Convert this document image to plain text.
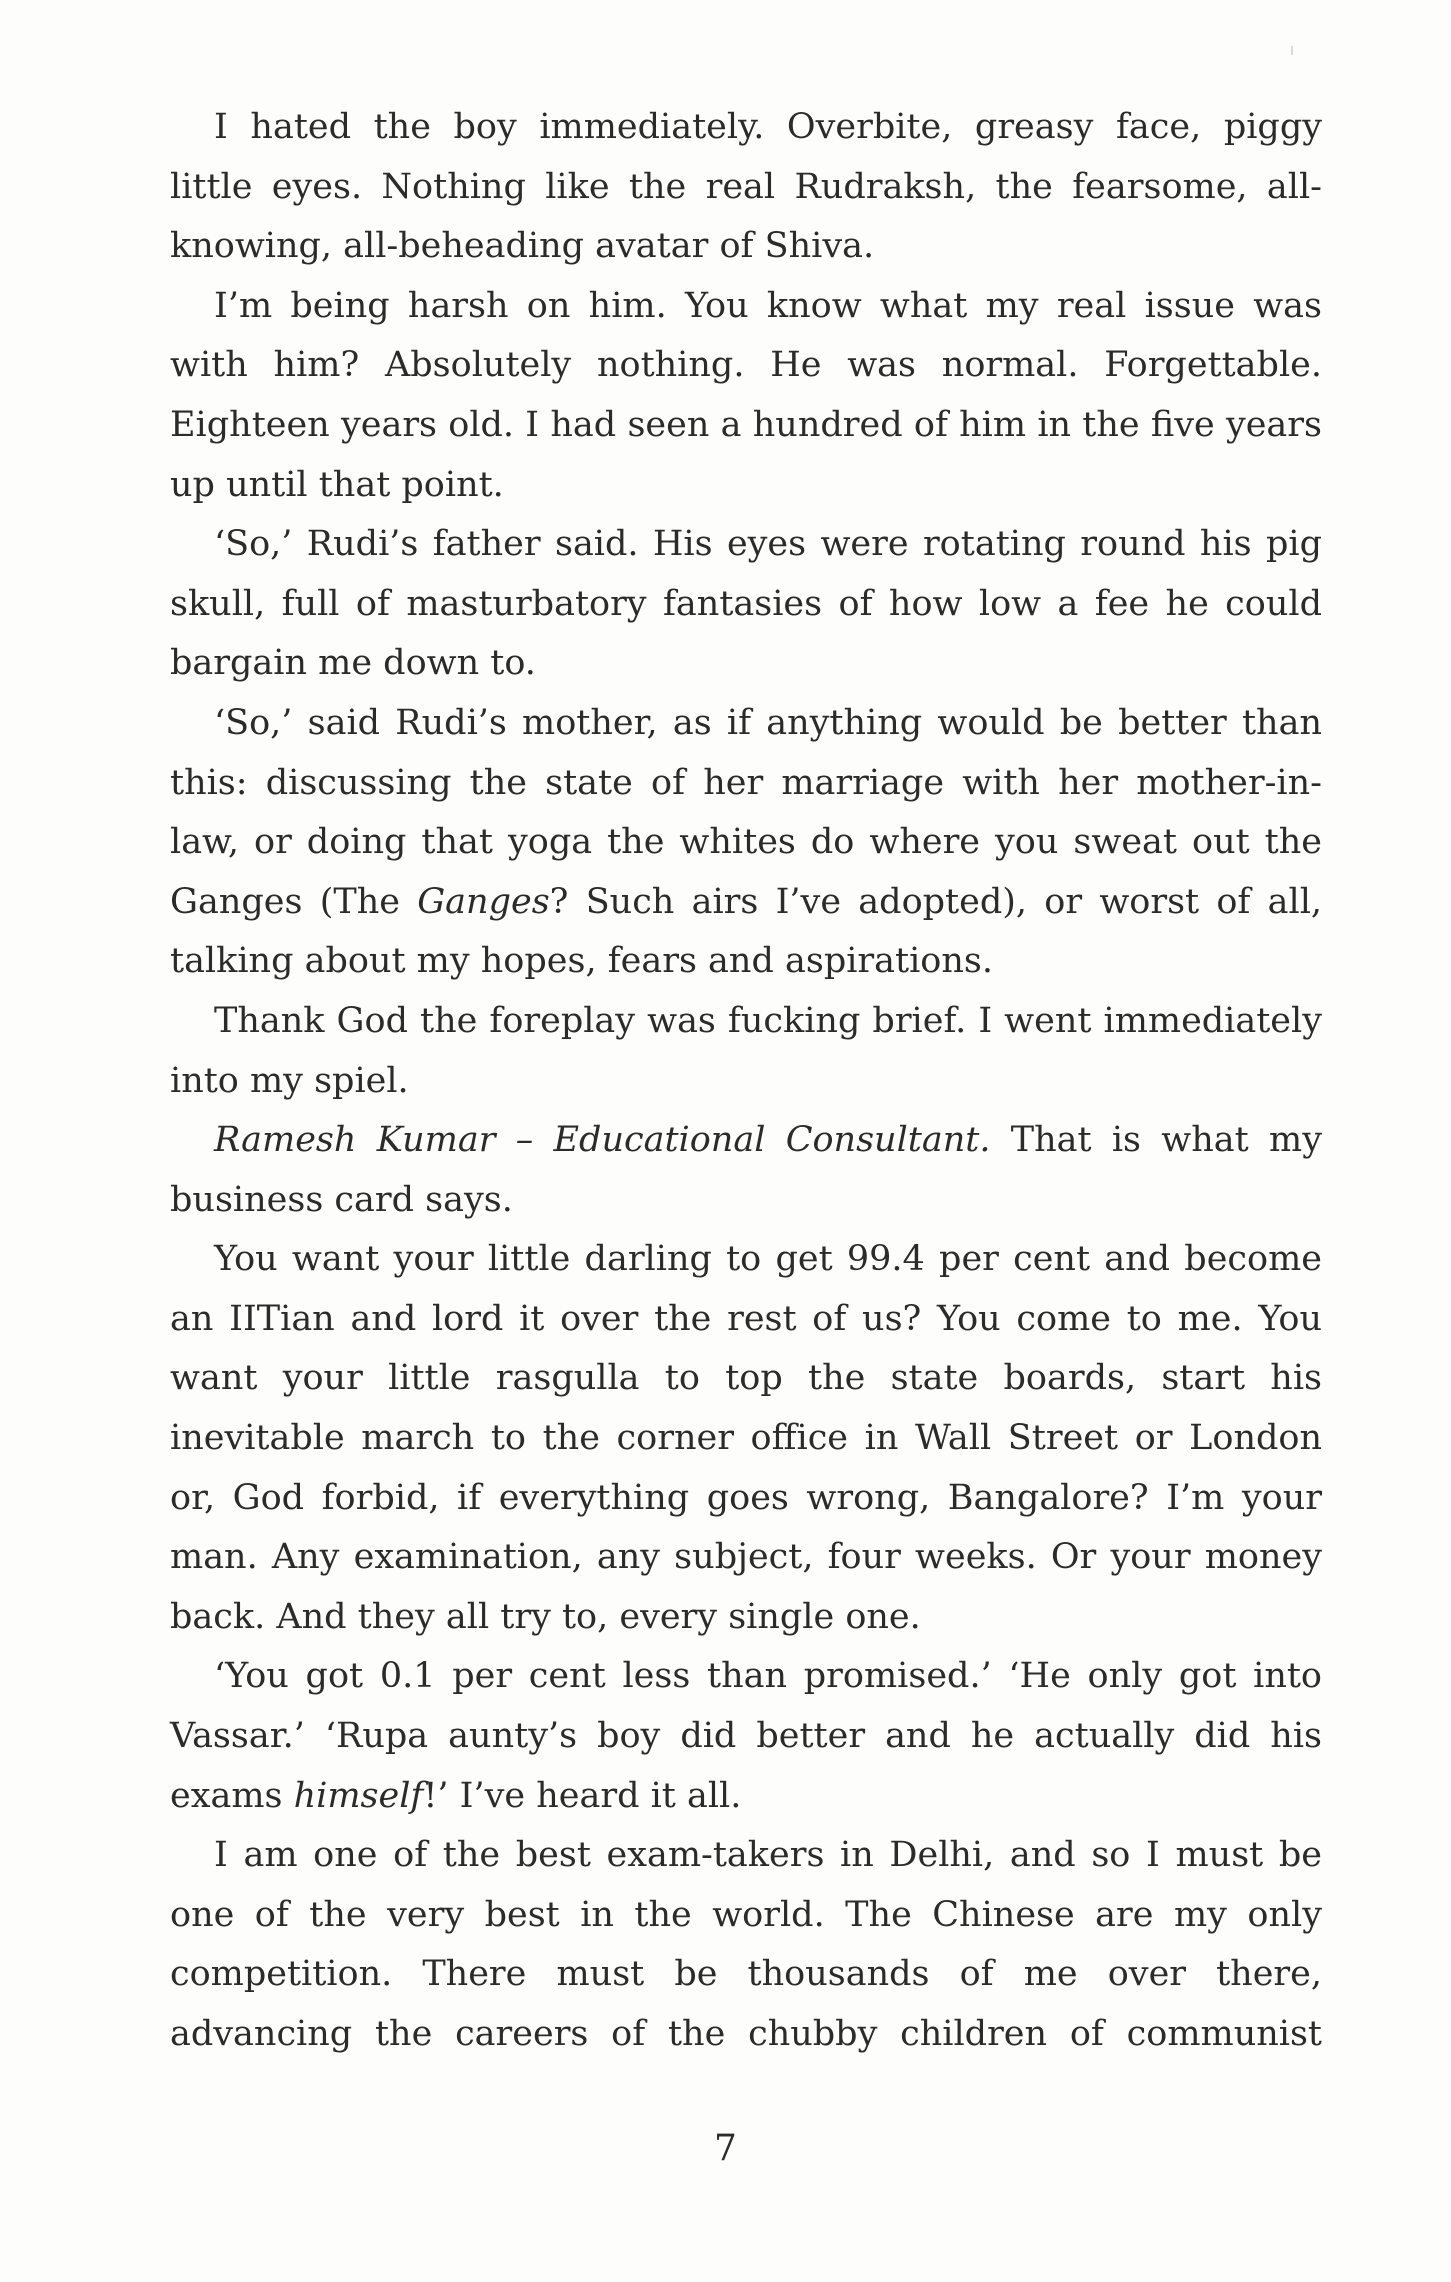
I hated the boy immediately. Overbite, greasy face, piggy little eyes. Nothing like the real Rudraksh, the fearsome, all-knowing, all-beheading avatar of Shiva.

I’m being harsh on him. You know what my real issue was with him? Absolutely nothing. He was normal. Forgettable. Eighteen years old. I had seen a hundred of him in the five years up until that point.

‘So,’ Rudi’s father said. His eyes were rotating round his pig skull, full of masturbatory fantasies of how low a fee he could bargain me down to.

‘So,’ said Rudi’s mother, as if anything would be better than this: discussing the state of her marriage with her mother-in-law, or doing that yoga the whites do where you sweat out the Ganges (The Ganges? Such airs I’ve adopted), or worst of all, talking about my hopes, fears and aspirations.

Thank God the foreplay was fucking brief. I went immediately into my spiel.

Ramesh Kumar – Educational Consultant. That is what my business card says.

You want your little darling to get 99.4 per cent and become an IITian and lord it over the rest of us? You come to me. You want your little rasgulla to top the state boards, start his inevitable march to the corner office in Wall Street or London or, God forbid, if everything goes wrong, Bangalore? I’m your man. Any examination, any subject, four weeks. Or your money back. And they all try to, every single one.

‘You got 0.1 per cent less than promised.’ ‘He only got into Vassar.’ ‘Rupa aunty’s boy did better and he actually did his exams himself!’ I’ve heard it all.

I am one of the best exam-takers in Delhi, and so I must be one of the very best in the world. The Chinese are my only competition. There must be thousands of me over there, advancing the careers of the chubby children of communist

7
